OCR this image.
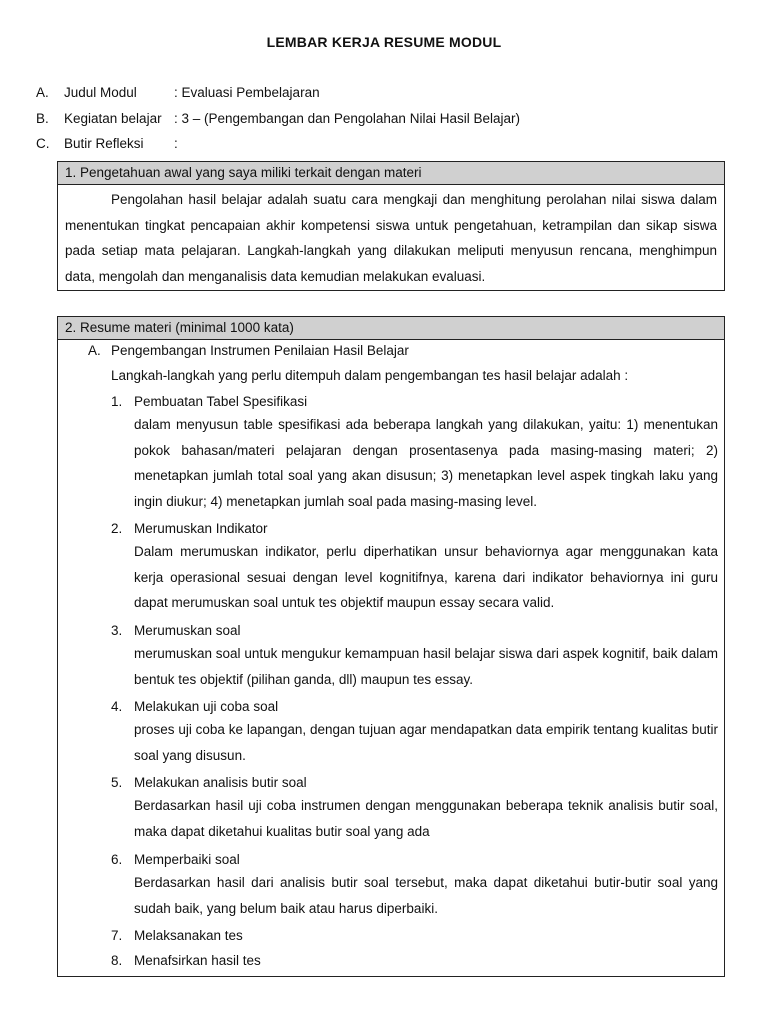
LEMBAR KERJA RESUME MODUL
A. Judul Modul	: Evaluasi Pembelajaran
B. Kegiatan belajar : 3 – (Pengembangan dan Pengolahan Nilai Hasil Belajar)
C. Butir Refleksi :
1. Pengetahuan awal yang saya miliki terkait dengan materi
Pengolahan hasil belajar adalah suatu cara mengkaji dan menghitung perolahan nilai siswa dalam menentukan tingkat pencapaian akhir kompetensi siswa untuk pengetahuan, ketrampilan dan sikap siswa pada setiap mata pelajaran. Langkah-langkah yang dilakukan meliputi menyusun rencana, menghimpun data, mengolah dan menganalisis data kemudian melakukan evaluasi.
2. Resume materi (minimal 1000 kata)
A. Pengembangan Instrumen Penilaian Hasil Belajar
Langkah-langkah yang perlu ditempuh dalam pengembangan tes hasil belajar adalah :
1. Pembuatan Tabel Spesifikasi
dalam menyusun table spesifikasi ada beberapa langkah yang dilakukan, yaitu: 1) menentukan pokok bahasan/materi pelajaran dengan prosentasenya pada masing-masing materi; 2) menetapkan jumlah total soal yang akan disusun; 3) menetapkan level aspek tingkah laku yang ingin diukur; 4) menetapkan jumlah soal pada masing-masing level.
2. Merumuskan Indikator
Dalam merumuskan indikator, perlu diperhatikan unsur behaviornya agar menggunakan kata kerja operasional sesuai dengan level kognitifnya, karena dari indikator behaviornya ini guru dapat merumuskan soal untuk tes objektif maupun essay secara valid.
3. Merumuskan soal
merumuskan soal untuk mengukur kemampuan hasil belajar siswa dari aspek kognitif, baik dalam bentuk tes objektif (pilihan ganda, dll) maupun tes essay.
4. Melakukan uji coba soal
proses uji coba ke lapangan, dengan tujuan agar mendapatkan data empirik tentang kualitas butir soal yang disusun.
5. Melakukan analisis butir soal
Berdasarkan hasil uji coba instrumen dengan menggunakan beberapa teknik analisis butir soal, maka dapat diketahui kualitas butir soal yang ada
6. Memperbaiki soal
Berdasarkan hasil dari analisis butir soal tersebut, maka dapat diketahui butir-butir soal yang sudah baik, yang belum baik atau harus diperbaiki.
7. Melaksanakan tes
8. Menafsirkan hasil tes
